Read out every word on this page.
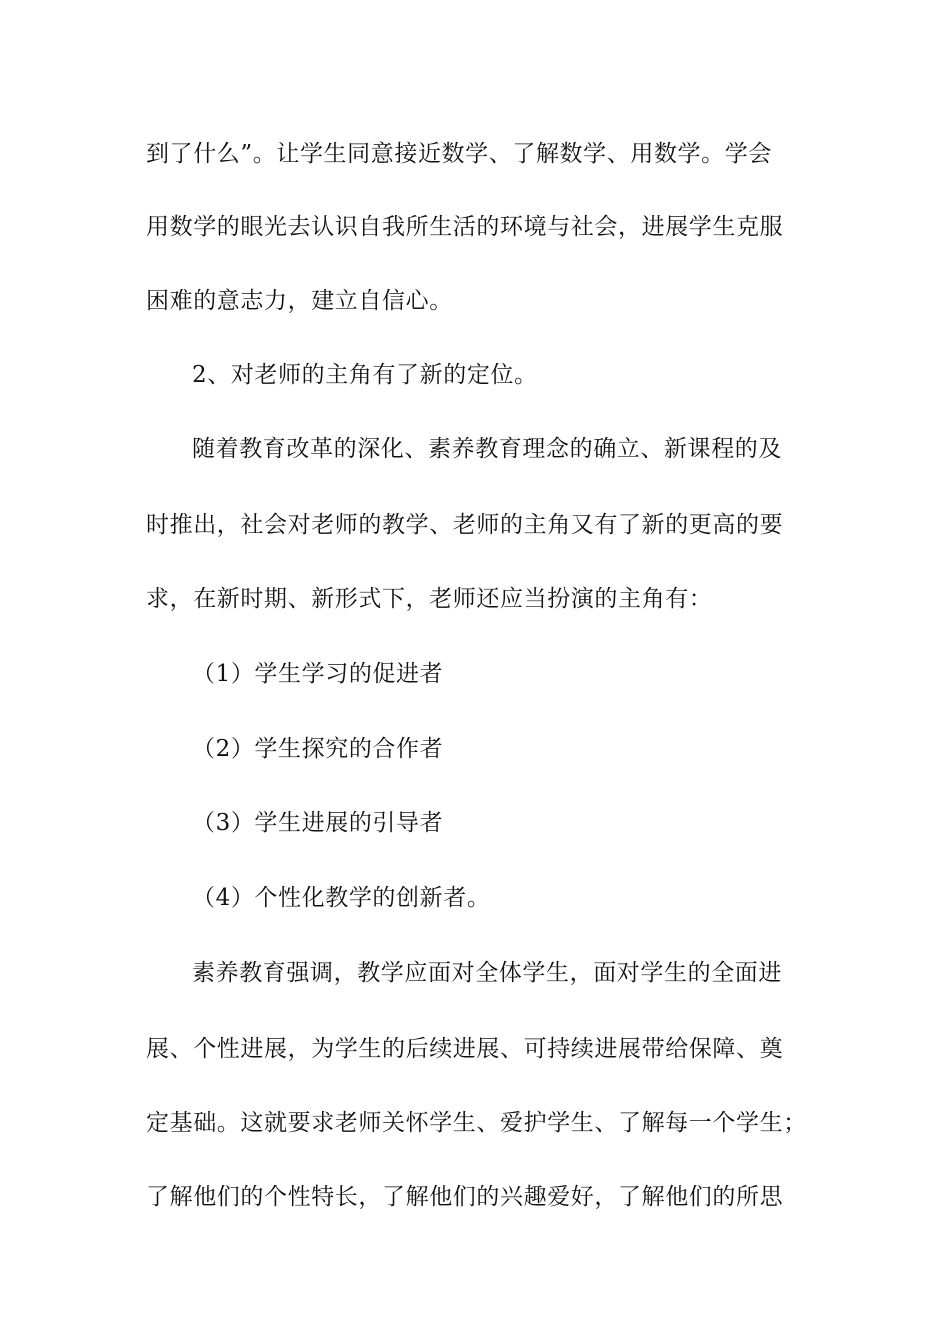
到了什么”。让学生同意接近数学、了解数学、用数学。学会
用数学的眼光去认识自我所生活的环境与社会，进展学生克服
困难的意志力，建立自信心。
2、对老师的主角有了新的定位。
随着教育改革的深化、素养教育理念的确立、新课程的及
时推出，社会对老师的教学、老师的主角又有了新的更高的要
求，在新时期、新形式下，老师还应当扮演的主角有：
（1）学生学习的促进者
（2）学生探究的合作者
（3）学生进展的引导者
（4）个性化教学的创新者。
素养教育强调，教学应面对全体学生，面对学生的全面进
展、个性进展，为学生的后续进展、可持续进展带给保障、奠
定基础。这就要求老师关怀学生、爱护学生、了解每一个学生；
了解他们的个性特长，了解他们的兴趣爱好，了解他们的所思
